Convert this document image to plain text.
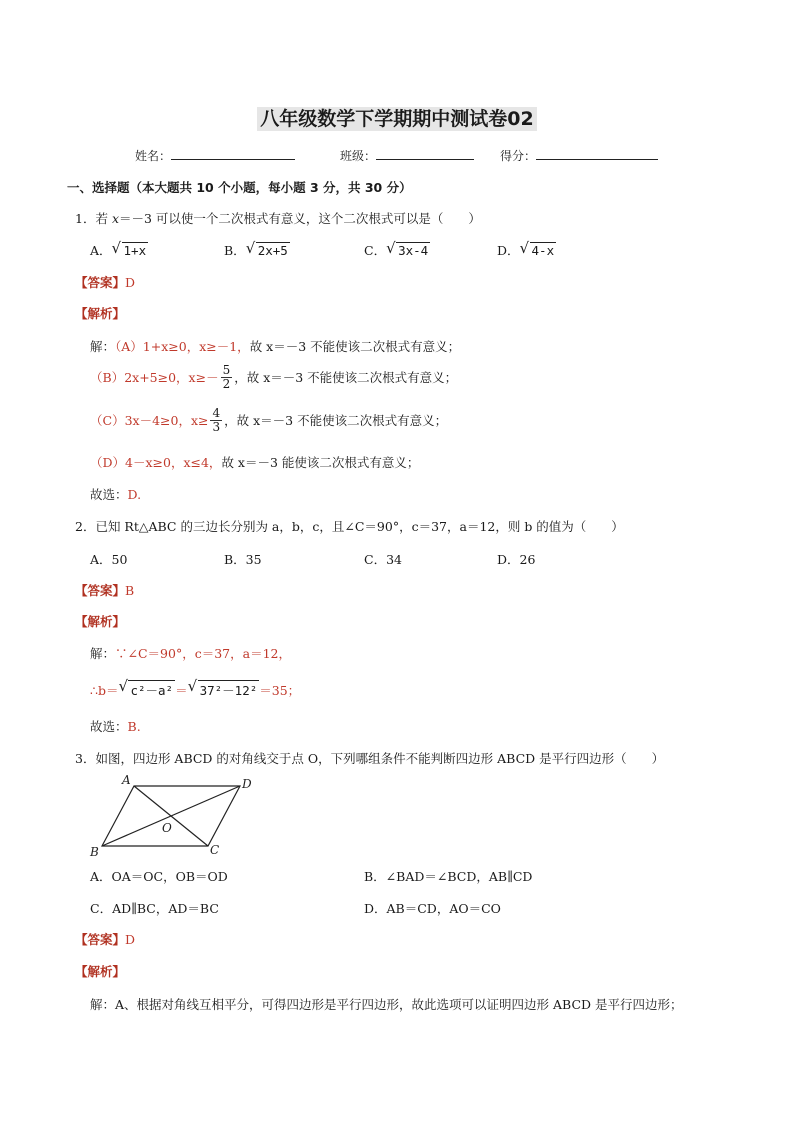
八年级数学下学期期中测试卷02
姓名：	班级：	得分：
一、选择题（本大题共 10 个小题，每小题 3 分，共 30 分）
1．若 x＝－3 可以使一个二次根式有意义，这个二次根式可以是（　　）
A． √ 1+x	B． √ 2x+5	C． √ 3x-4	D． √ 4-x
【答案】D
【解析】
解：（A）1+x≥0，x≥－1，故 x＝－3 不能使该二次根式有意义；
（B） 2x+5≥0，$x\ge- \frac{5}{2}$ ，故 x＝－3 不能使该二次根式有意义；
（C） 3x－4≥0，$x\ge \frac{4}{3}$ ，故 x＝－3 不能使该二次根式有意义；
（D）4－x≥0，x≤4，故 x＝－3 能使该二次根式有意义；
故选：D.
2．已知 Rt△ABC 的三边长分别为 a，b，c，且∠C＝90°，c＝37，a＝12，则 b 的值为（　　）
A．50	B．35	C．34	D．26
【答案】B
【解析】
解：∵∠C＝90°，c＝37，a＝12，
∴b＝ √ c²－a² ＝ √ 37²－12² ＝35；
故选：B.
3．如图，四边形 ABCD 的对角线交于点 O，下列哪组条件不能判断四边形 ABCD 是平行四边形（　　）
A	D
B	C
O
A．OA＝OC，OB＝OD	B．∠BAD＝∠BCD，AB∥CD
C．AD∥BC，AD＝BC	D．AB＝CD，AO＝CO
【答案】D
【解析】
解：A、根据对角线互相平分，可得四边形是平行四边形，故此选项可以证明四边形 ABCD 是平行四边形；
